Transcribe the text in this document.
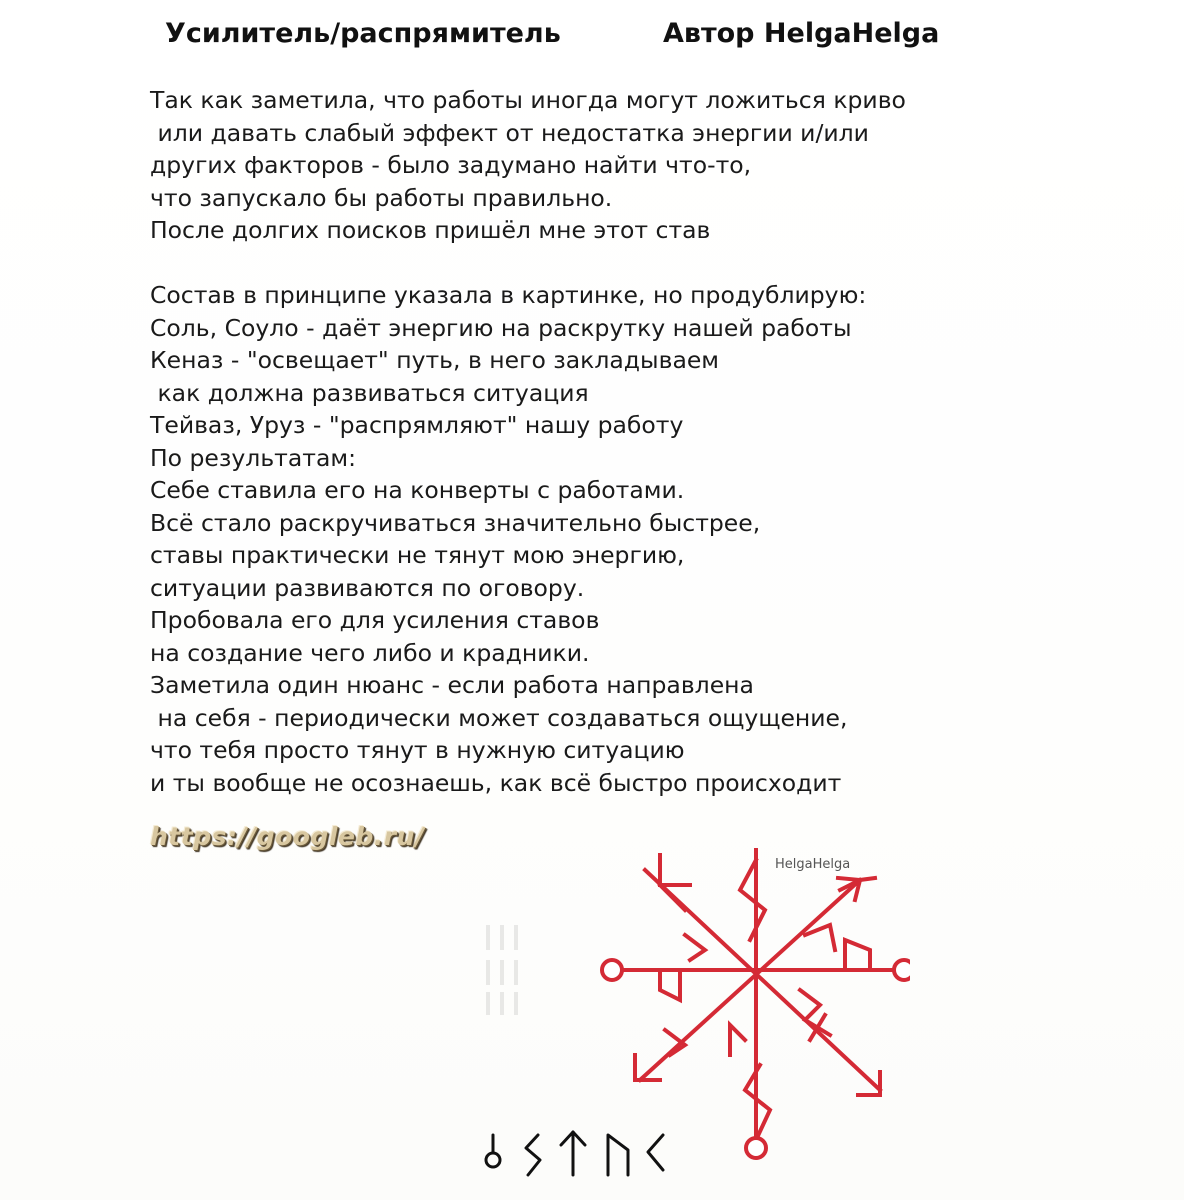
Усилитель/распрямитель	Автор HelgaHelga
Так как заметила, что работы иногда могут ложиться криво
или давать слабый эффект от недостатка энергии и/или
других факторов - было задумано найти что-то,
что запускало бы работы правильно.
После долгих поисков пришёл мне этот став
Состав в принципе указала в картинке, но продублирую:
Соль, Соуло - даёт энергию на раскрутку нашей работы
Кеназ - "освещает" путь, в него закладываем
как должна развиваться ситуация
Тейваз, Уруз - "распрямляют" нашу работу
По результатам:
Себе ставила его на конверты с работами.
Всё стало раскручиваться значительно быстрее,
ставы практически не тянут мою энергию,
ситуации развиваются по оговору.
Пробовала его для усиления ставов
на создание чего либо и крадники.
Заметила один нюанс - если работа направлена
на себя - периодически может создаваться ощущение,
что тебя просто тянут в нужную ситуацию
и ты вообще не осознаешь, как всё быстро происходит
https://googleb.ru/
HelgaHelga
